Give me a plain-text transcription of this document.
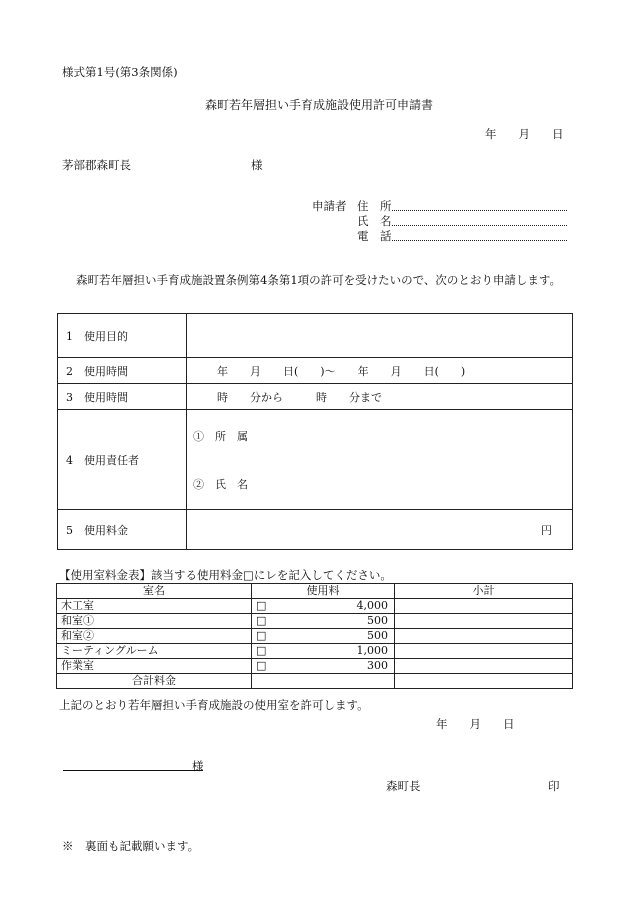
様式第1号(第3条関係)
森町若年層担い手育成施設使用許可申請書
年 月 日
茅部郡森町長	様
申請者 住　所
氏　名
電　話
森町若年層担い手育成施設置条例第4条第1項の許可を受けたいので、次のとおり申請します。
1　使用目的	
2　使用時間	年　　月　　日(　　)～　　年　　月　　日(　　)
3　使用時間	時　　分から　　　時　　分まで
4　使用責任者	①　所　属
②　氏　名

5　使用料金	円
【使用室料金表】該当する使用料金□にレを記入してください。
室名	使用料	小計
木工室	□ 4,000	

和室①	□ 500	

和室②	□ 500	

ミーティングルーム	□ 1,000	

作業室	□ 300	

合計料金		
上記のとおり若年層担い手育成施設の使用室を許可します。
年 月 日
様
森町長	印
※　裏面も記載願います。
